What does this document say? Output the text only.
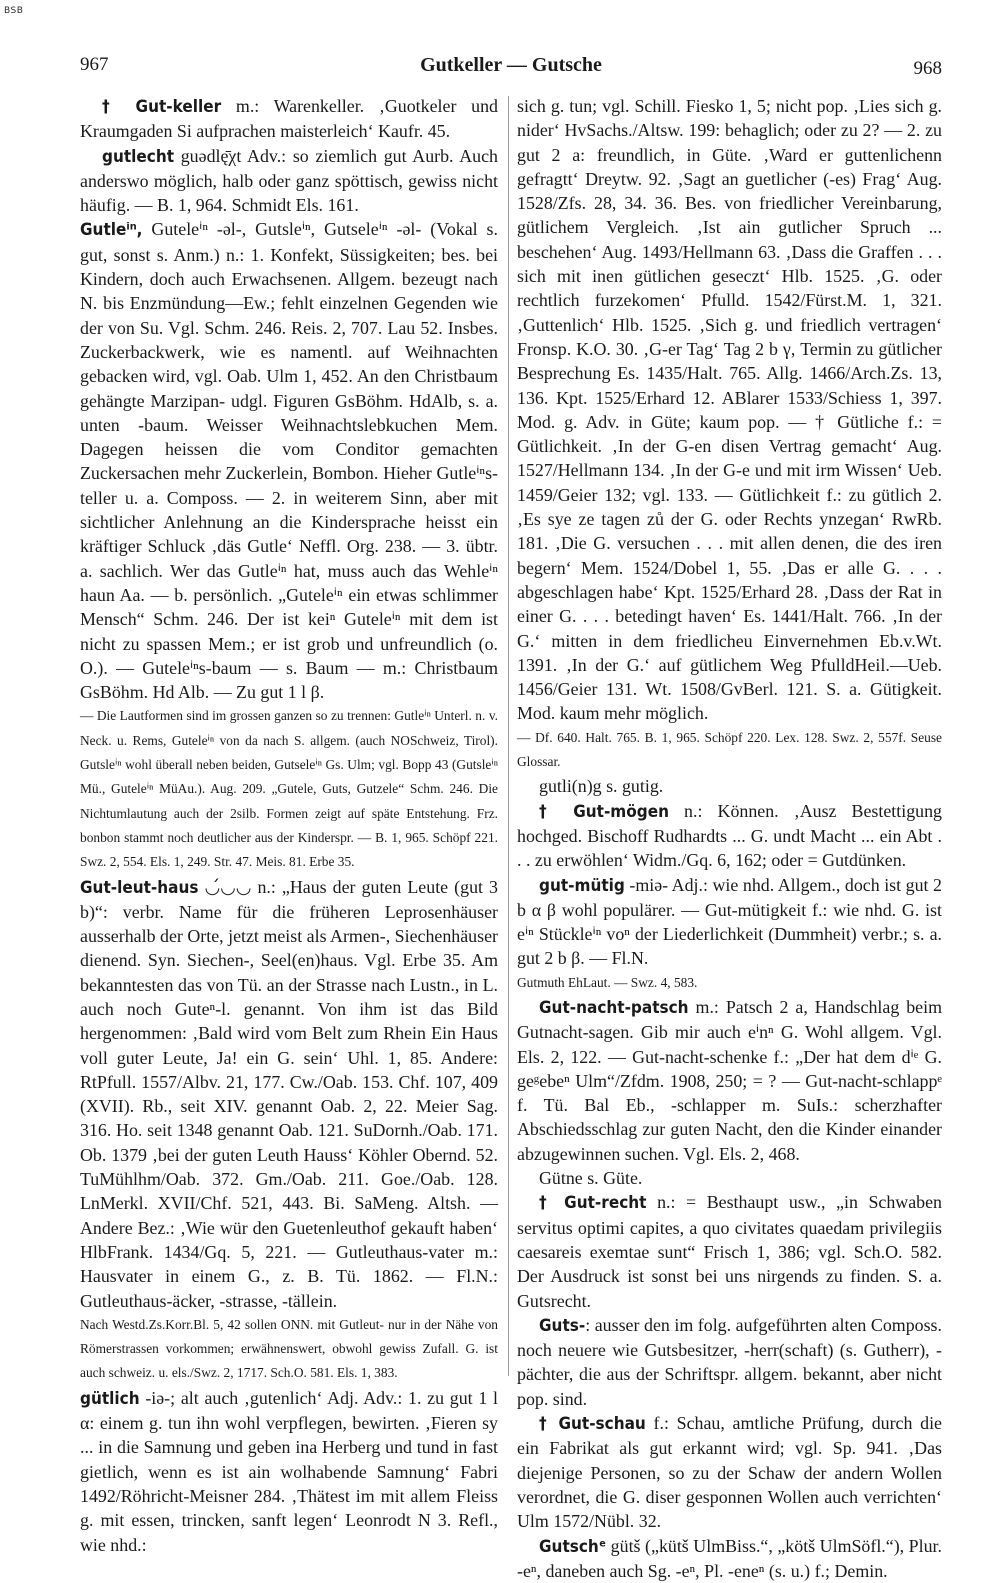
BSB
967	Gutkeller — Gutsche	968

† Gut-keller m.: Warenkeller. ‚Guotkeler und Kraumgaden Si aufprachen maisterleich‘ Kaufr. 45.

gutlecht guədlę̄χt Adv.: so ziemlich gut Aurb. Auch anderswo möglich, halb oder ganz spöttisch, gewiss nicht häufig. — B. 1, 964. Schmidt Els. 161.

Gutleⁱⁿ, Guteleⁱⁿ -əl-, Gutsleⁱⁿ, Gutseleⁱⁿ -əl- (Vokal s. gut, sonst s. Anm.) n.: 1. Konfekt, Süssigkeiten; bes. bei Kindern, doch auch Erwachsenen. Allgem. bezeugt nach N. bis Enzmündung—Ew.; fehlt einzelnen Gegenden wie der von Su. Vgl. Schm. 246. Reis. 2, 707. Lau 52. Insbes. Zuckerbackwerk, wie es namentl. auf Weihnachten gebacken wird, vgl. Oab. Ulm 1, 452. An den Christbaum gehängte Marzipan- udgl. Figuren GsBöhm. HdAlb, s. a. unten -baum. Weisser Weihnachtslebkuchen Mem. Dagegen heissen die vom Conditor gemachten Zuckersachen mehr Zuckerlein, Bombon. Hieher Gutleⁱⁿs-teller u. a. Composs. — 2. in weiterem Sinn, aber mit sichtlicher Anlehnung an die Kindersprache heisst ein kräftiger Schluck ‚däs Gutle‘ Neffl. Org. 238. — 3. übtr. a. sachlich. Wer das Gutleⁱⁿ hat, muss auch das Wehleⁱⁿ haun Aa. — b. persönlich. „Guteleⁱⁿ ein etwas schlimmer Mensch“ Schm. 246. Der ist keiⁿ Guteleⁱⁿ mit dem ist nicht zu spassen Mem.; er ist grob und unfreundlich (o. O.). — Guteleⁱⁿs-baum — s. Baum — m.: Christbaum GsBöhm. Hd Alb. — Zu gut 1 l β.

— Die Lautformen sind im grossen ganzen so zu trennen: Gutleⁱⁿ Unterl. n. v. Neck. u. Rems, Guteleⁱⁿ von da nach S. allgem. (auch NOSchweiz, Tirol). Gutsleⁱⁿ wohl überall neben beiden, Gutseleⁱⁿ Gs. Ulm; vgl. Bopp 43 (Gutsleⁱⁿ Mü., Guteleⁱⁿ MüAu.). Aug. 209. „Gutele, Guts, Gutzele“ Schm. 246. Die Nichtumlautung auch der 2silb. Formen zeigt auf späte Entstehung. Frz. bonbon stammt noch deutlicher aus der Kinderspr. — B. 1, 965. Schöpf 221. Swz. 2, 554. Els. 1, 249. Str. 47. Meis. 81. Erbe 35.

Gut-leut-haus ◡́◡◡ n.: „Haus der guten Leute (gut 3 b)“: verbr. Name für die früheren Leprosenhäuser ausserhalb der Orte, jetzt meist als Armen-, Siechenhäuser dienend. Syn. Siechen-, Seel(en)haus. Vgl. Erbe 35. Am bekanntesten das von Tü. an der Strasse nach Lustn., in L. auch noch Guteⁿ-l. genannt. Von ihm ist das Bild hergenommen: ‚Bald wird vom Belt zum Rhein Ein Haus voll guter Leute, Ja! ein G. sein‘ Uhl. 1, 85. Andere: RtPfull. 1557/Albv. 21, 177. Cw./Oab. 153. Chf. 107, 409 (XVII). Rb., seit XIV. genannt Oab. 2, 22. Meier Sag. 316. Ho. seit 1348 genannt Oab. 121. SuDornh./Oab. 171. Ob. 1379 ‚bei der guten Leuth Hauss‘ Köhler Obernd. 52. TuMühlhm/Oab. 372. Gm./Oab. 211. Goe./Oab. 128. LnMerkl. XVII/Chf. 521, 443. Bi. SaMeng. Altsh. — Andere Bez.: ‚Wie wür den Guetenleuthof gekauft haben‘ HlbFrank. 1434/Gq. 5, 221. — Gutleuthaus-vater m.: Hausvater in einem G., z. B. Tü. 1862. — Fl.N.: Gutleuthaus-äcker, -strasse, -tällein.

Nach Westd.Zs.Korr.Bl. 5, 42 sollen ONN. mit Gutleut- nur in der Nähe von Römerstrassen vorkommen; erwähnenswert, obwohl gewiss Zufall. G. ist auch schweiz. u. els./Swz. 2, 1717. Sch.O. 581. Els. 1, 383.

gütlich -iə-; alt auch ‚gutenlich‘ Adj. Adv.: 1. zu gut 1 l α: einem g. tun ihn wohl verpflegen, bewirten. ‚Fieren sy ... in die Samnung und geben ina Herberg und tund in fast gietlich, wenn es ist ain wolhabende Samnung‘ Fabri 1492/Röhricht-Meisner 284. ‚Thätest im mit allem Fleiss g. mit essen, trincken, sanft legen‘ Leonrodt N 3. Refl., wie nhd.:

sich g. tun; vgl. Schill. Fiesko 1, 5; nicht pop. ‚Lies sich g. nider‘ HvSachs./Altsw. 199: behaglich; oder zu 2? — 2. zu gut 2 a: freundlich, in Güte. ‚Ward er guttenlichenn gefragtt‘ Dreytw. 92. ‚Sagt an guetlicher (-es) Frag‘ Aug. 1528/Zfs. 28, 34. 36. Bes. von friedlicher Vereinbarung, gütlichem Vergleich. ‚Ist ain gutlicher Spruch ... beschehen‘ Aug. 1493/Hellmann 63. ‚Dass die Graffen . . . sich mit inen gütlichen geseczt‘ Hlb. 1525. ‚G. oder rechtlich furzekomen‘ Pfulld. 1542/Fürst.M. 1, 321. ‚Guttenlich‘ Hlb. 1525. ‚Sich g. und friedlich vertragen‘ Fronsp. K.O. 30. ‚G-er Tag‘ Tag 2 b γ, Termin zu gütlicher Besprechung Es. 1435/Halt. 765. Allg. 1466/Arch.Zs. 13, 136. Kpt. 1525/Erhard 12. ABlarer 1533/Schiess 1, 397. Mod. g. Adv. in Güte; kaum pop. — † Gütliche f.: = Gütlichkeit. ‚In der G-en disen Vertrag gemacht‘ Aug. 1527/Hellmann 134. ‚In der G-e und mit irm Wissen‘ Ueb. 1459/Geier 132; vgl. 133. — Gütlichkeit f.: zu gütlich 2. ‚Es sye ze tagen zů der G. oder Rechts ynzegan‘ RwRb. 181. ‚Die G. versuchen . . . mit allen denen, die des iren begern‘ Mem. 1524/Dobel 1, 55. ‚Das er alle G. . . . abgeschlagen habe‘ Kpt. 1525/Erhard 28. ‚Dass der Rat in einer G. . . . betedingt haven‘ Es. 1441/Halt. 766. ‚In der G.‘ mitten in dem friedlicheu Einvernehmen Eb.v.Wt. 1391. ‚In der G.‘ auf gütlichem Weg PfulldHeil.—Ueb. 1456/Geier 131. Wt. 1508/GvBerl. 121. S. a. Gütigkeit. Mod. kaum mehr möglich.

— Df. 640. Halt. 765. B. 1, 965. Schöpf 220. Lex. 128. Swz. 2, 557f. Seuse Glossar.

gutli(n)g s. gutig.

† Gut-mögen n.: Können. ‚Ausz Bestettigung hochged. Bischoff Rudhardts ... G. undt Macht ... ein Abt . . . zu erwöhlen‘ Widm./Gq. 6, 162; oder = Gutdünken.

gut-mütig -miə- Adj.: wie nhd. Allgem., doch ist gut 2 b α β wohl populärer. — Gut-mütigkeit f.: wie nhd. G. ist eⁱⁿ Stückleⁱⁿ voⁿ der Liederlichkeit (Dummheit) verbr.; s. a. gut 2 b β. — Fl.N.

Gutmuth EhLaut. — Swz. 4, 583.

Gut-nacht-patsch m.: Patsch 2 a, Handschlag beim Gutnacht-sagen. Gib mir auch eⁱnⁿ G. Wohl allgem. Vgl. Els. 2, 122. — Gut-nacht-schenke f.: „Der hat dem dⁱᵉ G. geᵍebeⁿ Ulm“/Zfdm. 1908, 250; = ? — Gut-nacht-schlappᵉ f. Tü. Bal Eb., -schlapper m. SuIs.: scherzhafter Abschiedsschlag zur guten Nacht, den die Kinder einander abzugewinnen suchen. Vgl. Els. 2, 468.

Gütne s. Güte.

† Gut-recht n.: = Besthaupt usw., „in Schwaben servitus optimi capites, a quo civitates quaedam privilegiis caesareis exemtae sunt“ Frisch 1, 386; vgl. Sch.O. 582. Der Ausdruck ist sonst bei uns nirgends zu finden. S. a. Gutsrecht.

Guts-: ausser den im folg. aufgeführten alten Composs. noch neuere wie Gutsbesitzer, -herr(schaft) (s. Gutherr), -pächter, die aus der Schriftspr. allgem. bekannt, aber nicht pop. sind.

† Gut-schau f.: Schau, amtliche Prüfung, durch die ein Fabrikat als gut erkannt wird; vgl. Sp. 941. ‚Das diejenige Personen, so zu der Schaw der andern Wollen verordnet, die G. diser gesponnen Wollen auch verrichten‘ Ulm 1572/Nübl. 32.

Gutschᵉ gütš („kütš UlmBiss.“, „kötš UlmSöfl.“), Plur. -eⁿ, daneben auch Sg. -eⁿ, Pl. -eneⁿ (s. u.) f.; Demin.
